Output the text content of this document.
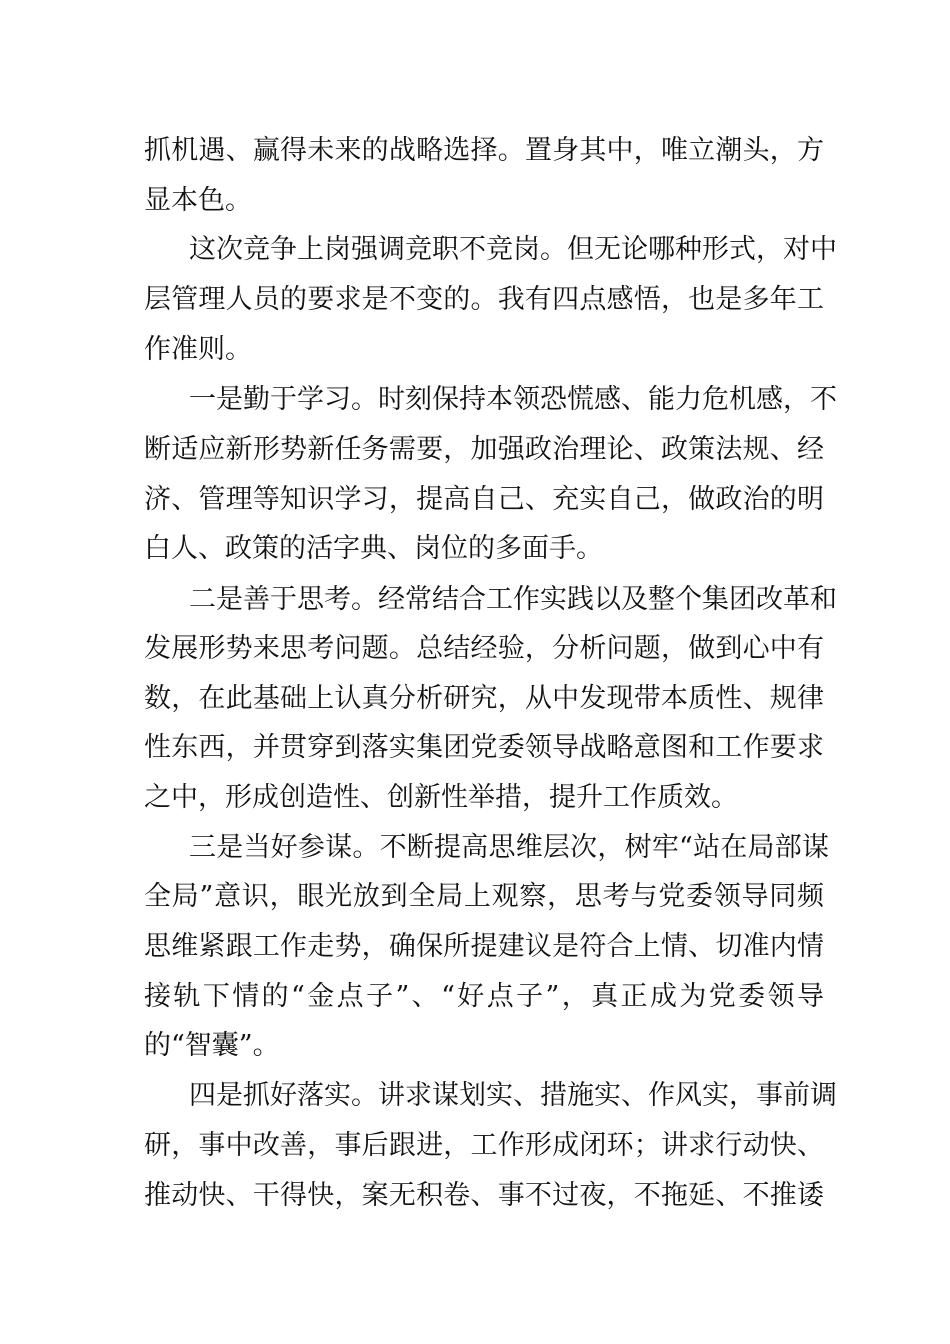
抓机遇、赢得未来的战略选择。置身其中，唯立潮头，方
显本色。
这次竞争上岗强调竞职不竞岗。但无论哪种形式，对中
层管理人员的要求是不变的。我有四点感悟，也是多年工
作准则。
一是勤于学习。时刻保持本领恐慌感、能力危机感，不
断适应新形势新任务需要，加强政治理论、政策法规、经
济、管理等知识学习，提高自己、充实自己，做政治的明
白人、政策的活字典、岗位的多面手。
二是善于思考。经常结合工作实践以及整个集团改革和
发展形势来思考问题。总结经验，分析问题，做到心中有
数，在此基础上认真分析研究，从中发现带本质性、规律
性东西，并贯穿到落实集团党委领导战略意图和工作要求
之中，形成创造性、创新性举措，提升工作质效。
三是当好参谋。不断提高思维层次，树牢“站在局部谋
全局”意识，眼光放到全局上观察，思考与党委领导同频
思维紧跟工作走势，确保所提建议是符合上情、切准内情
接轨下情的“金点子”、“好点子”，真正成为党委领导
的“智囊”。
四是抓好落实。讲求谋划实、措施实、作风实，事前调
研，事中改善，事后跟进，工作形成闭环；讲求行动快、
推动快、干得快，案无积卷、事不过夜，不拖延、不推诿
